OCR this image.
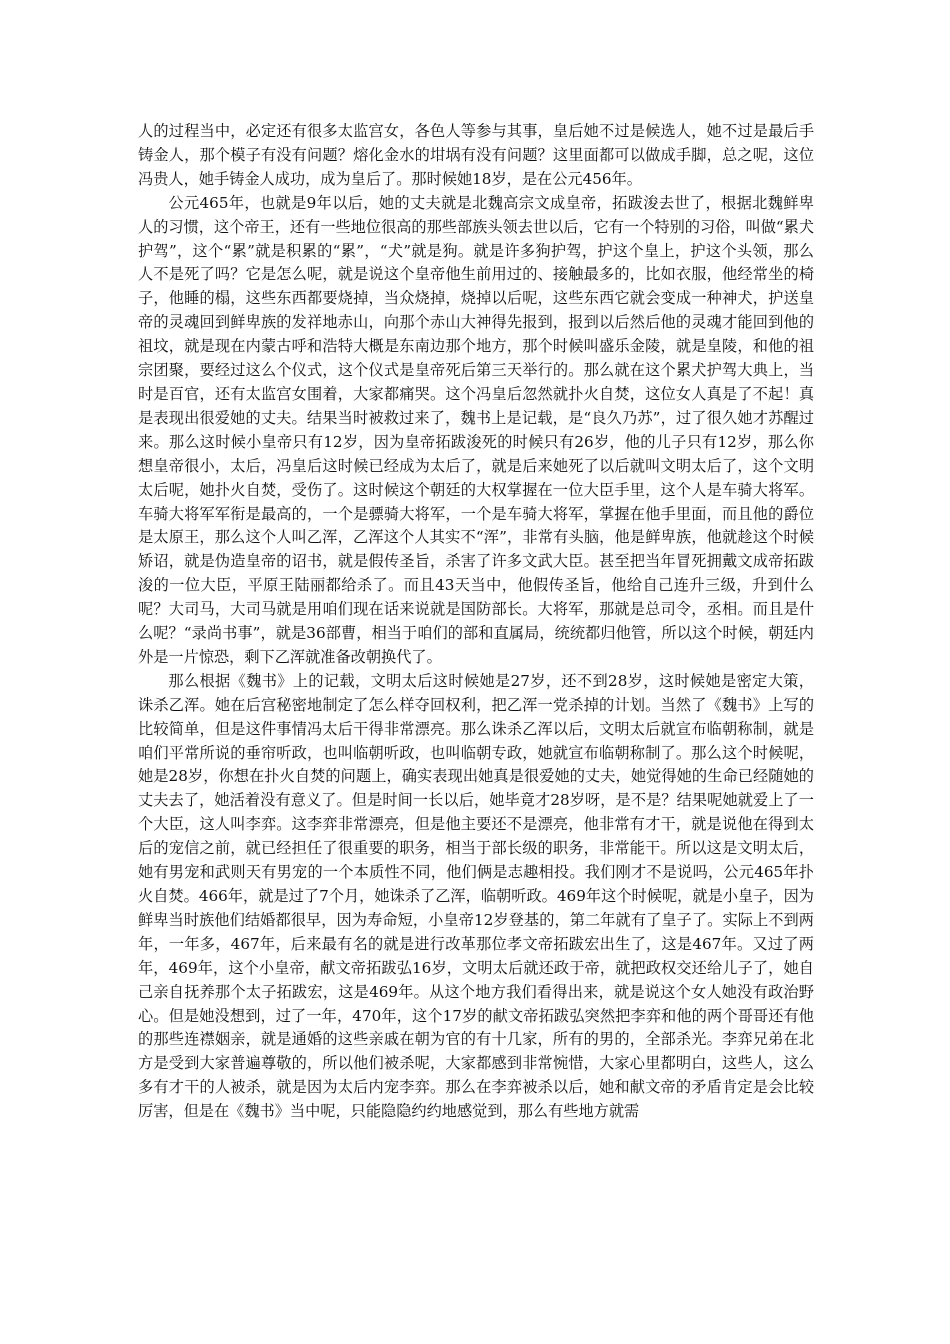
人的过程当中，必定还有很多太监宫女，各色人等参与其事，皇后她不过是候选人，她不过是最后手铸金人，那个模子有没有问题？熔化金水的坩埚有没有问题？这里面都可以做成手脚，总之呢，这位冯贵人，她手铸金人成功，成为皇后了。那时候她18岁，是在公元456年。

公元465年，也就是9年以后，她的丈夫就是北魏高宗文成皇帝，拓跋浚去世了，根据北魏鲜卑人的习惯，这个帝王，还有一些地位很高的那些部族头领去世以后，它有一个特别的习俗，叫做“累犬护驾”，这个“累”就是积累的“累”，“犬”就是狗。就是许多狗护驾，护这个皇上，护这个头领，那么人不是死了吗？它是怎么呢，就是说这个皇帝他生前用过的、接触最多的，比如衣服，他经常坐的椅子，他睡的榻，这些东西都要烧掉，当众烧掉，烧掉以后呢，这些东西它就会变成一种神犬，护送皇帝的灵魂回到鲜卑族的发祥地赤山，向那个赤山大神得先报到，报到以后然后他的灵魂才能回到他的祖坟，就是现在内蒙古呼和浩特大概是东南边那个地方，那个时候叫盛乐金陵，就是皇陵，和他的祖宗团聚，要经过这么个仪式，这个仪式是皇帝死后第三天举行的。那么就在这个累犬护驾大典上，当时是百官，还有太监宫女围着，大家都痛哭。这个冯皇后忽然就扑火自焚，这位女人真是了不起！真是表现出很爱她的丈夫。结果当时被救过来了，魏书上是记载，是“良久乃苏”，过了很久她才苏醒过来。那么这时候小皇帝只有12岁，因为皇帝拓跋浚死的时候只有26岁，他的儿子只有12岁，那么你想皇帝很小，太后，冯皇后这时候已经成为太后了，就是后来她死了以后就叫文明太后了，这个文明太后呢，她扑火自焚，受伤了。这时候这个朝廷的大权掌握在一位大臣手里，这个人是车骑大将军。车骑大将军军衔是最高的，一个是骠骑大将军，一个是车骑大将军，掌握在他手里面，而且他的爵位是太原王，那么这个人叫乙浑，乙浑这个人其实不“浑”，非常有头脑，他是鲜卑族，他就趁这个时候矫诏，就是伪造皇帝的诏书，就是假传圣旨，杀害了许多文武大臣。甚至把当年冒死拥戴文成帝拓跋浚的一位大臣，平原王陆丽都给杀了。而且43天当中，他假传圣旨，他给自己连升三级，升到什么呢？大司马，大司马就是用咱们现在话来说就是国防部长。大将军，那就是总司令，丞相。而且是什么呢？“录尚书事”，就是36部曹，相当于咱们的部和直属局，统统都归他管，所以这个时候，朝廷内外是一片惊恐，剩下乙浑就准备改朝换代了。

那么根据《魏书》上的记载，文明太后这时候她是27岁，还不到28岁，这时候她是密定大策，诛杀乙浑。她在后宫秘密地制定了怎么样夺回权利，把乙浑一党杀掉的计划。当然了《魏书》上写的比较简单，但是这件事情冯太后干得非常漂亮。那么诛杀乙浑以后，文明太后就宣布临朝称制，就是咱们平常所说的垂帘听政，也叫临朝听政，也叫临朝专政，她就宣布临朝称制了。那么这个时候呢，她是28岁，你想在扑火自焚的问题上，确实表现出她真是很爱她的丈夫，她觉得她的生命已经随她的丈夫去了，她活着没有意义了。但是时间一长以后，她毕竟才28岁呀，是不是？结果呢她就爱上了一个大臣，这人叫李弈。这李弈非常漂亮，但是他主要还不是漂亮，他非常有才干，就是说他在得到太后的宠信之前，就已经担任了很重要的职务，相当于部长级的职务，非常能干。所以这是文明太后，她有男宠和武则天有男宠的一个本质性不同，他们俩是志趣相投。我们刚才不是说吗，公元465年扑火自焚。466年，就是过了7个月，她诛杀了乙浑，临朝听政。469年这个时候呢，就是小皇子，因为鲜卑当时族他们结婚都很早，因为寿命短，小皇帝12岁登基的，第二年就有了皇子了。实际上不到两年，一年多，467年，后来最有名的就是进行改革那位孝文帝拓跋宏出生了，这是467年。又过了两年，469年，这个小皇帝，献文帝拓跋弘16岁，文明太后就还政于帝，就把政权交还给儿子了，她自己亲自抚养那个太子拓跋宏，这是469年。从这个地方我们看得出来，就是说这个女人她没有政治野心。但是她没想到，过了一年，470年，这个17岁的献文帝拓跋弘突然把李弈和他的两个哥哥还有他的那些连襟姻亲，就是通婚的这些亲戚在朝为官的有十几家，所有的男的，全部杀光。李弈兄弟在北方是受到大家普遍尊敬的，所以他们被杀呢，大家都感到非常惋惜，大家心里都明白，这些人，这么多有才干的人被杀，就是因为太后内宠李弈。那么在李弈被杀以后，她和献文帝的矛盾肯定是会比较厉害，但是在《魏书》当中呢，只能隐隐约约地感觉到，那么有些地方就需
